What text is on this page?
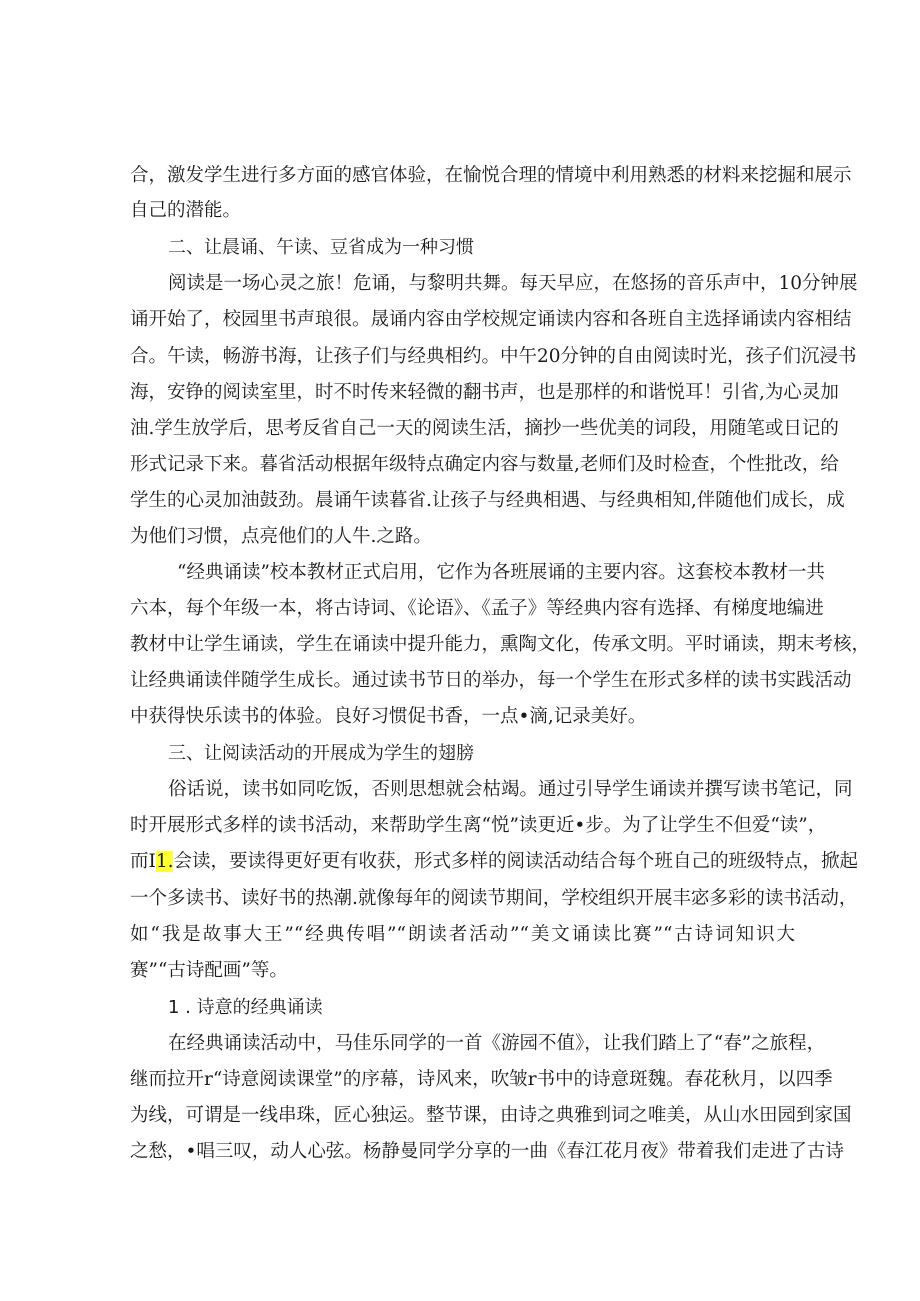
合，激发学生进行多方面的感官体验，在愉悦合理的情境中利用熟悉的材料来挖掘和展示
自己的潜能。
二、让晨诵、午读、豆省成为一种习惯
阅读是一场心灵之旅！危诵，与黎明共舞。每天早应，在悠扬的音乐声中，10分钟展
诵开始了，校园里书声琅很。晟诵内容由学校规定诵读内容和各班自主选择诵读内容相结
合。午读，畅游书海，让孩子们与经典相约。中午20分钟的自由阅读时光，孩子们沉浸书
海，安铮的阅读室里，时不时传来轻微的翻书声，也是那样的和谐悦耳！引省,为心灵加
油.学生放学后，思考反省自己一天的阅读生活，摘抄一些优美的词段，用随笔或日记的
形式记录下来。暮省活动根据年级特点确定内容与数量,老师们及时检查，个性批改，给
学生的心灵加油鼓劲。晨诵午读暮省.让孩子与经典相遇、与经典相知,伴随他们成长，成
为他们习惯，点亮他们的人牛.之路。
“经典诵读”校本教材正式启用，它作为各班展诵的主要内容。这套校本教材一共
六本，每个年级一本，将古诗词、《论语》、《孟子》等经典内容有选择、有梯度地编进
教材中让学生诵读，学生在诵读中提升能力，熏陶文化，传承文明。平时诵读，期末考核，
让经典诵读伴随学生成长。通过读书节日的举办，每一个学生在形式多样的读书实践活动
中获得快乐读书的体验。良好习惯促书香，一点•滴,记录美好。
三、让阅读活动的开展成为学生的翅膀
俗话说，读书如同吃饭，否则思想就会枯竭。通过引导学生诵读并撰写读书笔记，同
时开展形式多样的读书活动，来帮助学生离“悦”读更近•步。为了让学生不但爱“读”，
而I1.会读，要读得更好更有收获，形式多样的阅读活动结合每个班自己的班级特点，掀起
一个多读书、读好书的热潮.就像每年的阅读节期间，学校组织开展丰宓多彩的读书活动，
如“我是故事大王”“经典传唱”“朗读者活动”“美文诵读比赛”“古诗词知识大
赛”“古诗配画”等。
1 . 诗意的经典诵读
在经典诵读活动中，马佳乐同学的一首《游园不值》，让我们踏上了“春”之旅程，
继而拉开r“诗意阅读课堂”的序幕，诗风来，吹皱r书中的诗意斑魏。春花秋月，以四季
为线，可谓是一线串珠，匠心独运。整节课，由诗之典雅到词之唯美，从山水田园到家国
之愁，•唱三叹，动人心弦。杨静曼同学分享的一曲《春江花月夜》带着我们走进了古诗
